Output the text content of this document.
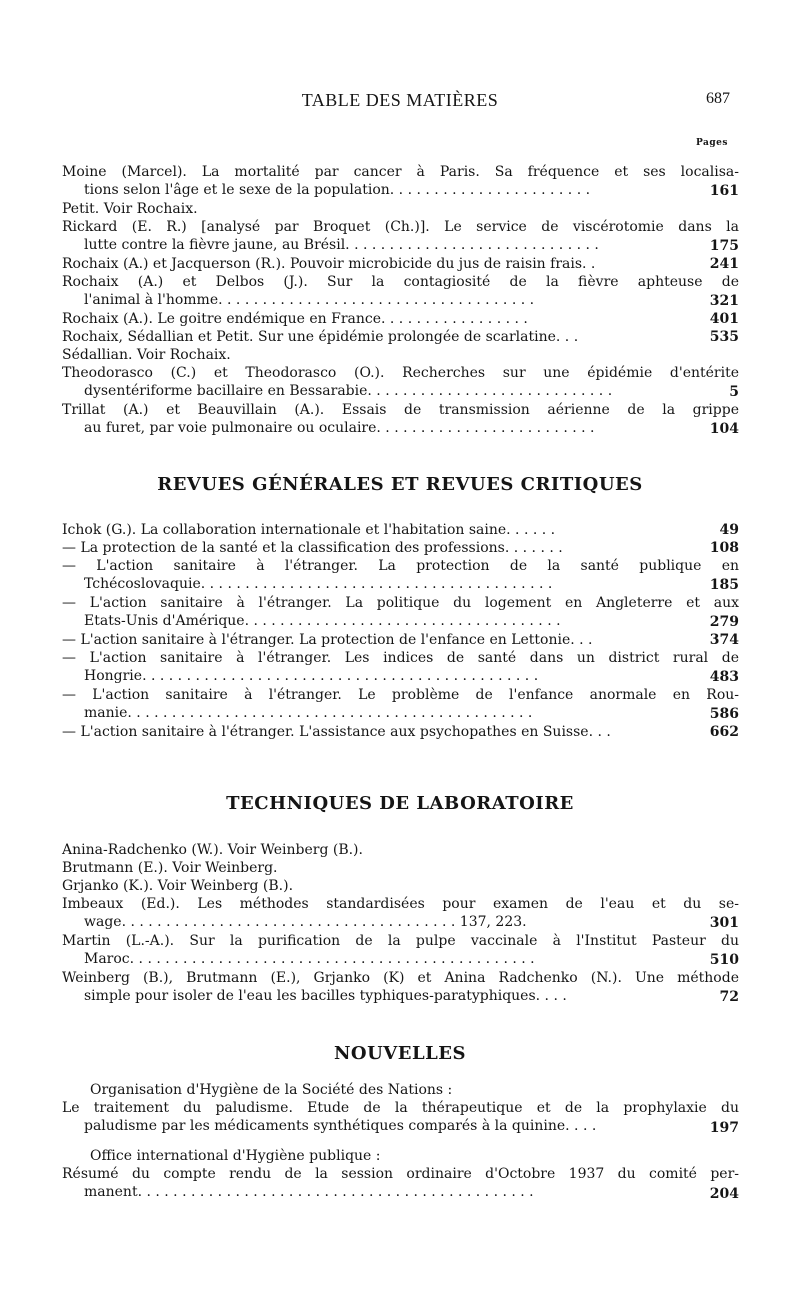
TABLE DES MATIÈRES	687
Pages
Moine (Marcel). La mortalité par cancer à Paris. Sa fréquence et ses localisa-
tions selon l'âge et le sexe de la population. . . . . . . . . . . . . . . . . . . . . . .	161
Petit. Voir Rochaix.
Rickard (E. R.) [analysé par Broquet (Ch.)]. Le service de viscérotomie dans la
lutte contre la fièvre jaune, au Brésil. . . . . . . . . . . . . . . . . . . . . . . . . . . . .	175
Rochaix (A.) et Jacquerson (R.). Pouvoir microbicide du jus de raisin frais. .	241
Rochaix (A.) et Delbos (J.). Sur la contagiosité de la fièvre aphteuse de
l'animal à l'homme. . . . . . . . . . . . . . . . . . . . . . . . . . . . . . . . . . . .	321
Rochaix (A.). Le goitre endémique en France. . . . . . . . . . . . . . . . .	401
Rochaix, Sédallian et Petit. Sur une épidémie prolongée de scarlatine. . .	535
Sédallian. Voir Rochaix.
Theodorasco (C.) et Theodorasco (O.). Recherches sur une épidémie d'entérite
dysentériforme bacillaire en Bessarabie. . . . . . . . . . . . . . . . . . . . . . . . . . . .	5
Trillat (A.) et Beauvillain (A.). Essais de transmission aérienne de la grippe
au furet, par voie pulmonaire ou oculaire. . . . . . . . . . . . . . . . . . . . . . . . .	104
REVUES GÉNÉRALES ET REVUES CRITIQUES
Ichok (G.). La collaboration internationale et l'habitation saine. . . . . .	49
— La protection de la santé et la classification des professions. . . . . . .	108
— L'action sanitaire à l'étranger. La protection de la santé publique en
Tchécoslovaquie. . . . . . . . . . . . . . . . . . . . . . . . . . . . . . . . . . . . . . . .	185
— L'action sanitaire à l'étranger. La politique du logement en Angleterre et aux
Etats-Unis d'Amérique. . . . . . . . . . . . . . . . . . . . . . . . . . . . . . . . . . . .	279
— L'action sanitaire à l'étranger. La protection de l'enfance en Lettonie. . .	374
— L'action sanitaire à l'étranger. Les indices de santé dans un district rural de
Hongrie. . . . . . . . . . . . . . . . . . . . . . . . . . . . . . . . . . . . . . . . . . . . .	483
— L'action sanitaire à l'étranger. Le problème de l'enfance anormale en Rou-
manie. . . . . . . . . . . . . . . . . . . . . . . . . . . . . . . . . . . . . . . . . . . . . .	586
— L'action sanitaire à l'étranger. L'assistance aux psychopathes en Suisse. . .	662
TECHNIQUES DE LABORATOIRE
Anina-Radchenko (W.). Voir Weinberg (B.).
Brutmann (E.). Voir Weinberg.
Grjanko (K.). Voir Weinberg (B.).
Imbeaux (Ed.). Les méthodes standardisées pour examen de l'eau et du se-
wage. . . . . . . . . . . . . . . . . . . . . . . . . . . . . . . . . . . . . . 137, 223.	301
Martin (L.-A.). Sur la purification de la pulpe vaccinale à l'Institut Pasteur du
Maroc. . . . . . . . . . . . . . . . . . . . . . . . . . . . . . . . . . . . . . . . . . . . . .	510
Weinberg (B.), Brutmann (E.), Grjanko (K) et Anina Radchenko (N.). Une méthode
simple pour isoler de l'eau les bacilles typhiques-paratyphiques. . . .	72
NOUVELLES
Organisation d'Hygiène de la Société des Nations :
Le traitement du paludisme. Etude de la thérapeutique et de la prophylaxie du
paludisme par les médicaments synthétiques comparés à la quinine. . . .	197
Office international d'Hygiène publique :
Résumé du compte rendu de la session ordinaire d'Octobre 1937 du comité per-
manent. . . . . . . . . . . . . . . . . . . . . . . . . . . . . . . . . . . . . . . . . . . . .	204
